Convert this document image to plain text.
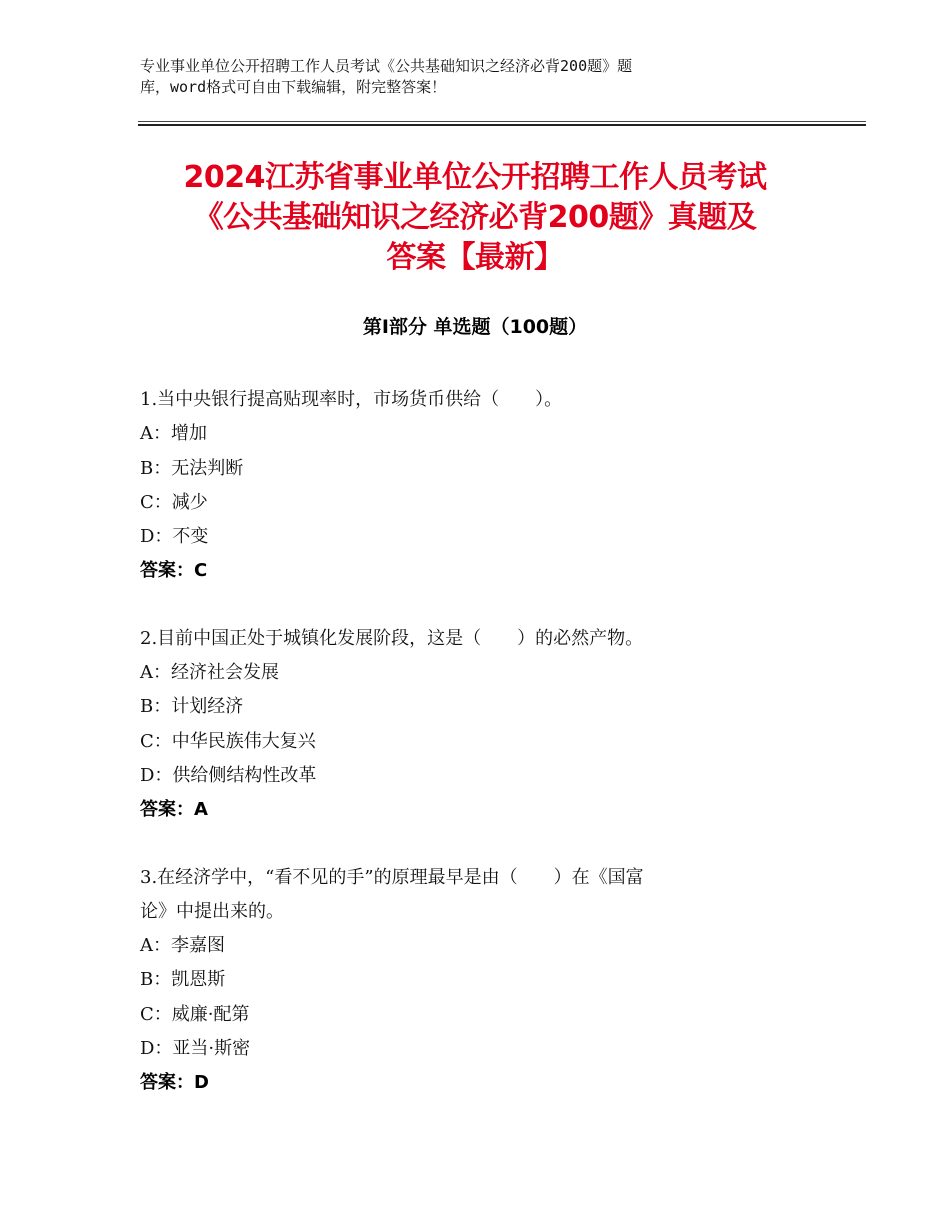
专业事业单位公开招聘工作人员考试《公共基础知识之经济必背200题》题
库，word格式可自由下载编辑，附完整答案！
2024江苏省事业单位公开招聘工作人员考试
《公共基础知识之经济必背200题》真题及
答案【最新】
第Ⅰ部分 单选题（100题）
1.当中央银行提高贴现率时，市场货币供给（　　）。
A：增加
B：无法判断
C：减少
D：不变
答案：C
2.目前中国正处于城镇化发展阶段，这是（　　）的必然产物。
A：经济社会发展
B：计划经济
C：中华民族伟大复兴
D：供给侧结构性改革
答案：A
3.在经济学中，“看不见的手”的原理最早是由（　　）在《国富
论》中提出来的。
A：李嘉图
B：凯恩斯
C：威廉·配第
D：亚当·斯密
答案：D
